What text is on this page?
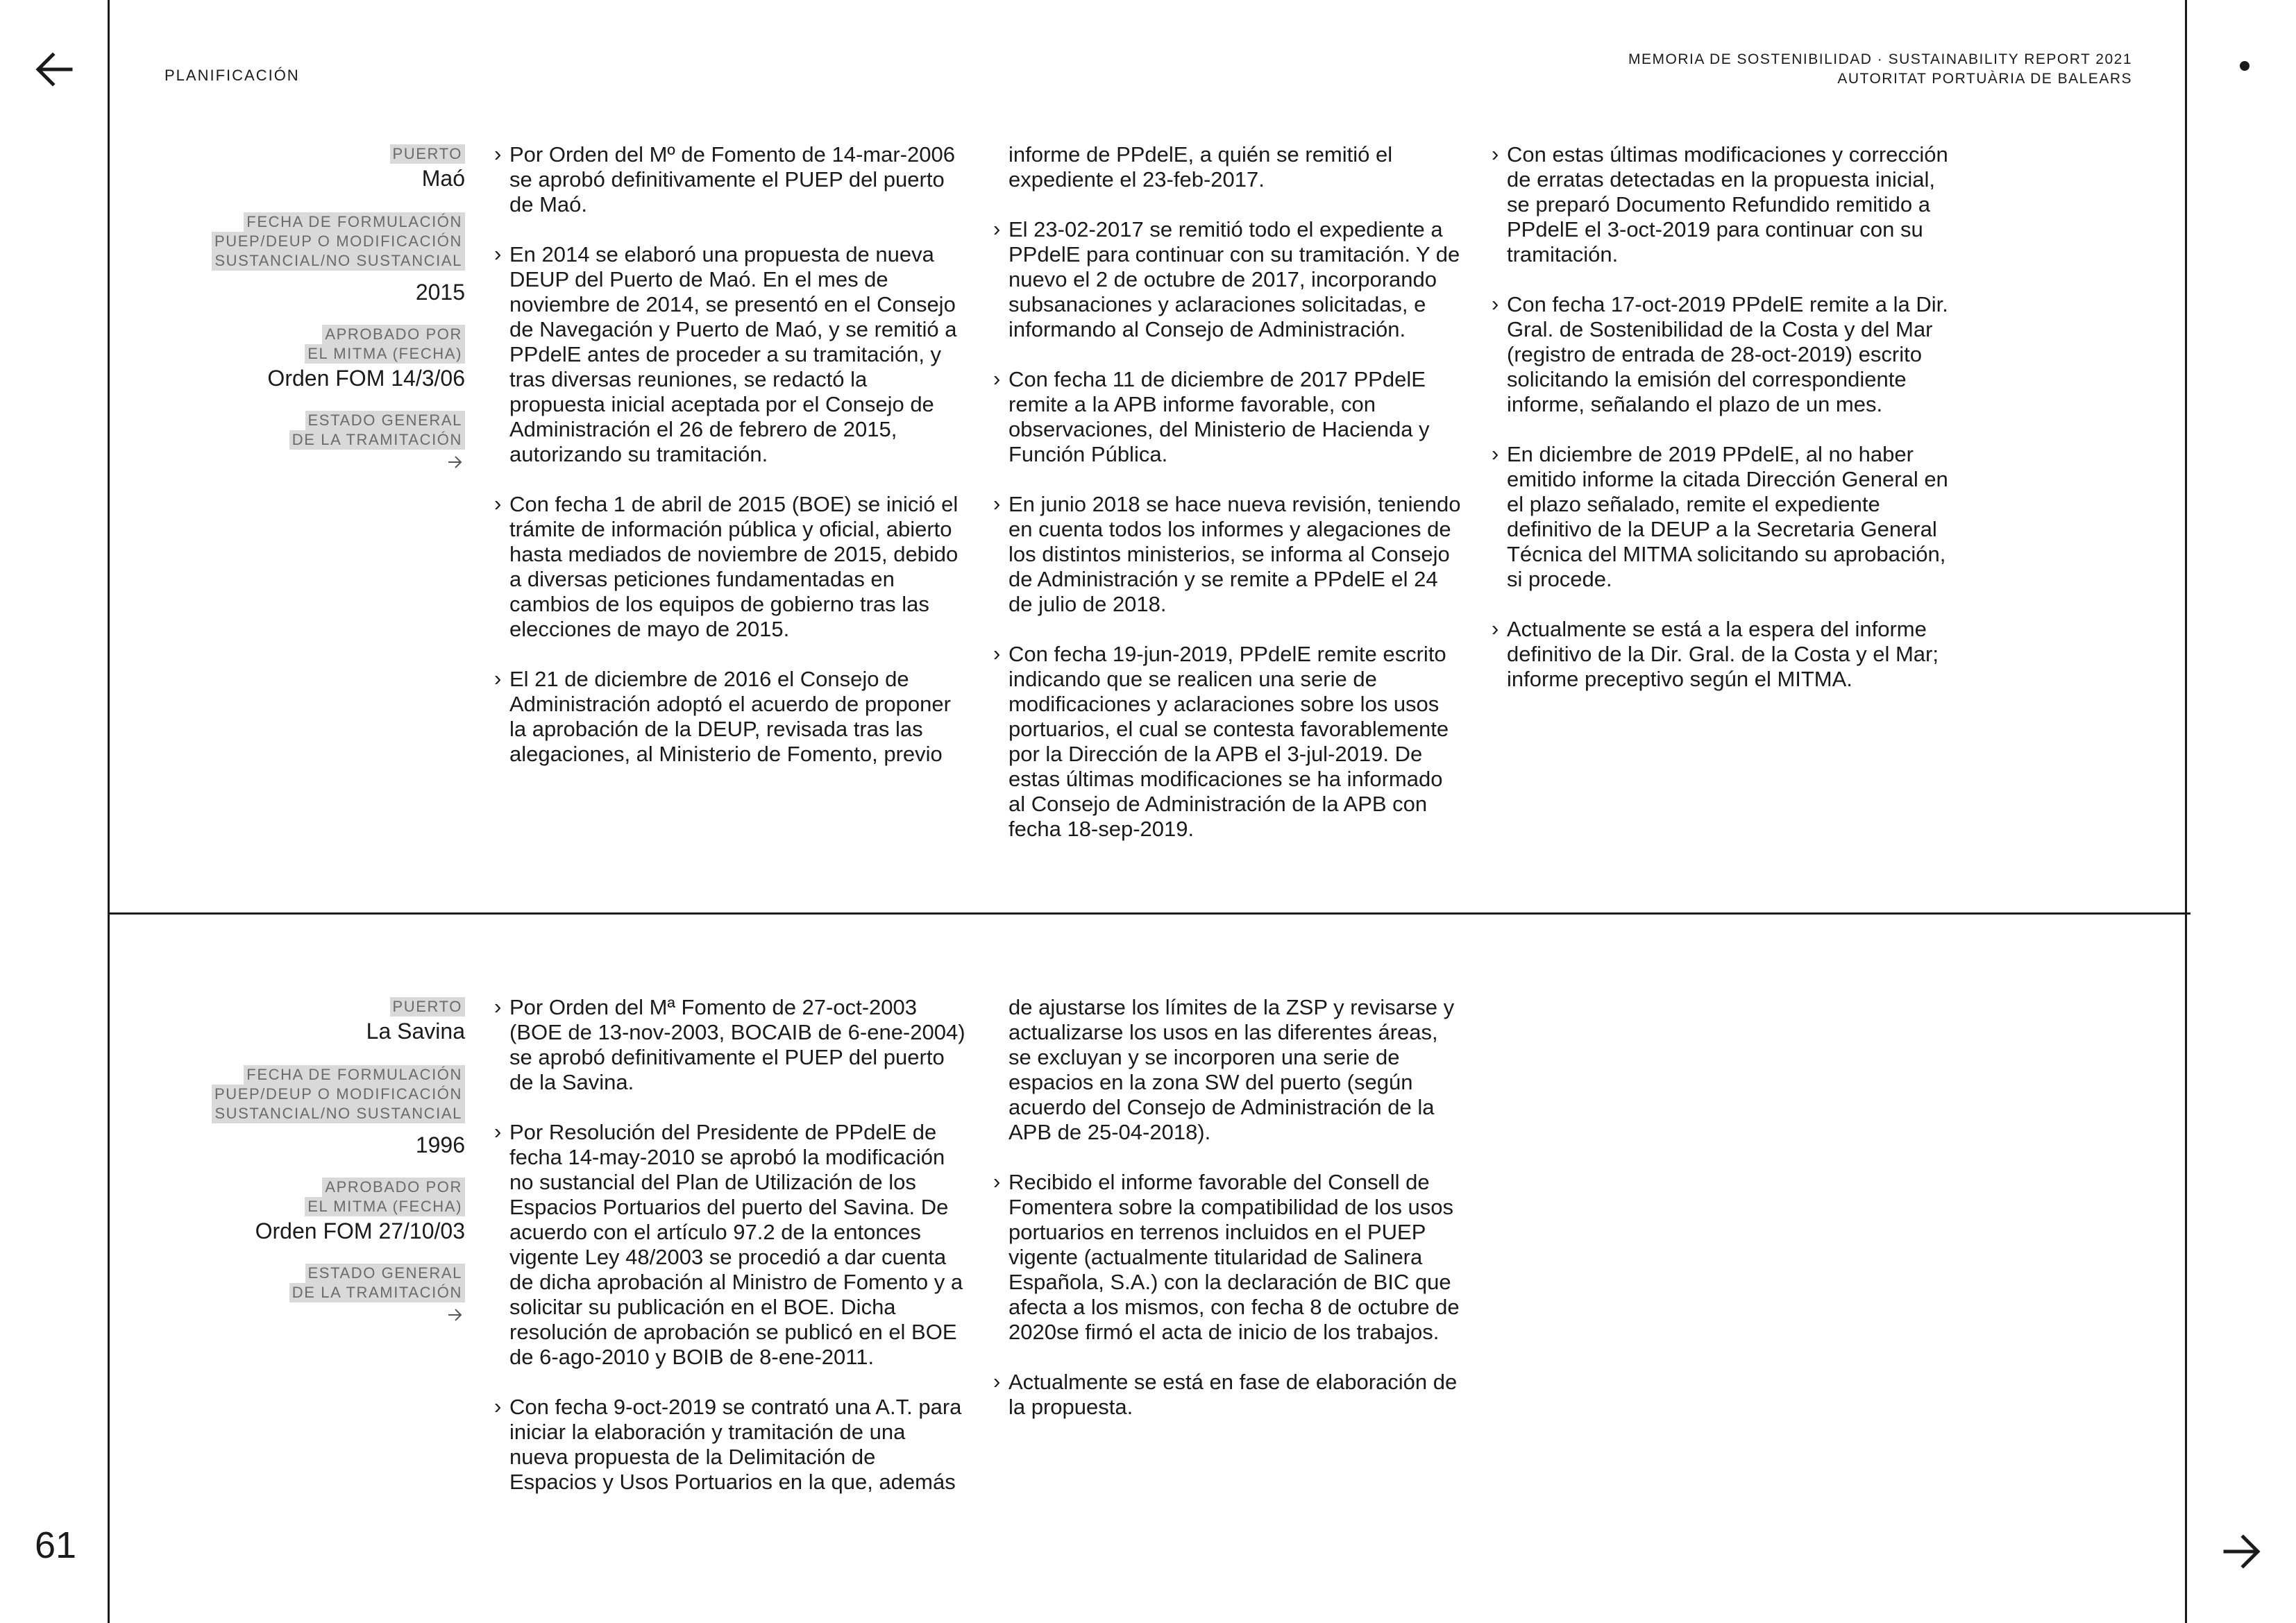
61
PLANIFICACIÓN
MEMORIA DE SOSTENIBILIDAD · SUSTAINABILITY REPORT 2021
AUTORITAT PORTUÀRIA DE BALEARS
PUERTO
Maó
FECHA DE FORMULACIÓN
PUEP/DEUP O MODIFICACIÓN
SUSTANCIAL/NO SUSTANCIAL
2015
APROBADO POR
EL MITMA (FECHA)
Orden FOM 14/3/06
ESTADO GENERAL
DE LA TRAMITACIÓN
› Por Orden del Mº de Fomento de 14-mar-2006 se aprobó definitivamente el PUEP del puerto de Maó.
› En 2014 se elaboró una propuesta de nueva DEUP del Puerto de Maó. En el mes de noviembre de 2014, se presentó en el Consejo de Navegación y Puerto de Maó, y se remitió a PPdelE antes de proceder a su tramitación, y tras diversas reuniones, se redactó la propuesta inicial aceptada por el Consejo de Administración el 26 de febrero de 2015, autorizando su tramitación.
› Con fecha 1 de abril de 2015 (BOE) se inició el trámite de información pública y oficial, abierto hasta mediados de noviembre de 2015, debido a diversas peticiones fundamentadas en cambios de los equipos de gobierno tras las elecciones de mayo de 2015.
› El 21 de diciembre de 2016 el Consejo de Administración adoptó el acuerdo de proponer la aprobación de la DEUP, revisada tras las alegaciones, al Ministerio de Fomento, previo
informe de PPdelE, a quién se remitió el expediente el 23-feb-2017.
› El 23-02-2017 se remitió todo el expediente a PPdelE para continuar con su tramitación. Y de nuevo el 2 de octubre de 2017, incorporando subsanaciones y aclaraciones solicitadas, e informando al Consejo de Administración.
› Con fecha 11 de diciembre de 2017 PPdelE remite a la APB informe favorable, con observaciones, del Ministerio de Hacienda y Función Pública.
› En junio 2018 se hace nueva revisión, teniendo en cuenta todos los informes y alegaciones de los distintos ministerios, se informa al Consejo de Administración y se remite a PPdelE el 24 de julio de 2018.
› Con fecha 19-jun-2019, PPdelE remite escrito indicando que se realicen una serie de modificaciones y aclaraciones sobre los usos portuarios, el cual se contesta favorablemente por la Dirección de la APB el 3-jul-2019. De estas últimas modificaciones se ha informado al Consejo de Administración de la APB con fecha 18-sep-2019.
› Con estas últimas modificaciones y corrección de erratas detectadas en la propuesta inicial, se preparó Documento Refundido remitido a PPdelE el 3-oct-2019 para continuar con su tramitación.
› Con fecha 17-oct-2019 PPdelE remite a la Dir. Gral. de Sostenibilidad de la Costa y del Mar (registro de entrada de 28-oct-2019) escrito solicitando la emisión del correspondiente informe, señalando el plazo de un mes.
› En diciembre de 2019 PPdelE, al no haber emitido informe la citada Dirección General en el plazo señalado, remite el expediente definitivo de la DEUP a la Secretaria General Técnica del MITMA solicitando su aprobación, si procede.
› Actualmente se está a la espera del informe definitivo de la Dir. Gral. de la Costa y el Mar; informe preceptivo según el MITMA.
PUERTO
La Savina
FECHA DE FORMULACIÓN
PUEP/DEUP O MODIFICACIÓN
SUSTANCIAL/NO SUSTANCIAL
1996
APROBADO POR
EL MITMA (FECHA)
Orden FOM 27/10/03
ESTADO GENERAL
DE LA TRAMITACIÓN
› Por Orden del Mª Fomento de 27-oct-2003 (BOE de 13-nov-2003, BOCAIB de 6-ene-2004) se aprobó definitivamente el PUEP del puerto de la Savina.
› Por Resolución del Presidente de PPdelE de fecha 14-may-2010 se aprobó la modificación no sustancial del Plan de Utilización de los Espacios Portuarios del puerto del Savina. De acuerdo con el artículo 97.2 de la entonces vigente Ley 48/2003 se procedió a dar cuenta de dicha aprobación al Ministro de Fomento y a solicitar su publicación en el BOE. Dicha resolución de aprobación se publicó en el BOE de 6-ago-2010 y BOIB de 8-ene-2011.
› Con fecha 9-oct-2019 se contrató una A.T. para iniciar la elaboración y tramitación de una nueva propuesta de la Delimitación de Espacios y Usos Portuarios en la que, además
de ajustarse los límites de la ZSP y revisarse y actualizarse los usos en las diferentes áreas, se excluyan y se incorporen una serie de espacios en la zona SW del puerto (según acuerdo del Consejo de Administración de la APB de 25-04-2018).
› Recibido el informe favorable del Consell de Fomentera sobre la compatibilidad de los usos portuarios en terrenos incluidos en el PUEP vigente (actualmente titularidad de Salinera Española, S.A.) con la declaración de BIC que afecta a los mismos, con fecha 8 de octubre de 2020se firmó el acta de inicio de los trabajos.
› Actualmente se está en fase de elaboración de la propuesta.
